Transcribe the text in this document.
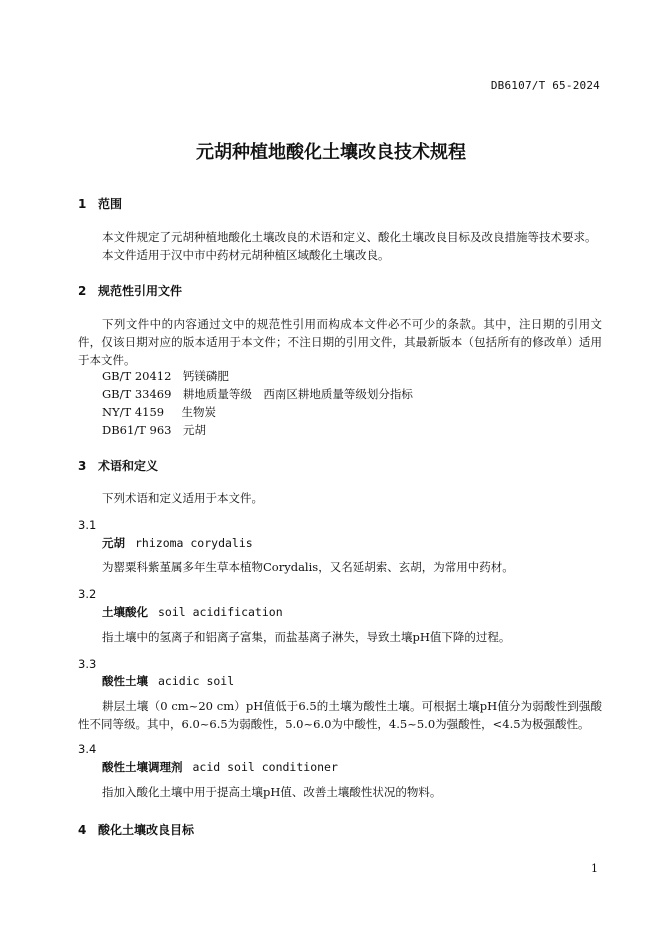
DB6107/T 65-2024
元胡种植地酸化土壤改良技术规程
1 范围
本文件规定了元胡种植地酸化土壤改良的术语和定义、酸化土壤改良目标及改良措施等技术要求。
本文件适用于汉中市中药材元胡种植区域酸化土壤改良。
2 规范性引用文件
下列文件中的内容通过文中的规范性引用而构成本文件必不可少的条款。其中，注日期的引用文件，仅该日期对应的版本适用于本文件；不注日期的引用文件，其最新版本（包括所有的修改单）适用于本文件。
GB/T 20412　 钙镁磷肥
GB/T 33469　 耕地质量等级　西南区耕地质量等级划分指标
NY/T 4159　 生物炭
DB61/T 963　 元胡
3 术语和定义
下列术语和定义适用于本文件。
3.1
元胡 rhizoma corydalis
为罂粟科紫堇属多年生草本植物Corydalis，又名延胡索、玄胡，为常用中药材。
3.2
土壤酸化 soil acidification
指土壤中的氢离子和铝离子富集，而盐基离子淋失，导致土壤pH值下降的过程。
3.3
酸性土壤 acidic soil
耕层土壤（0 cm~20 cm）pH值低于6.5的土壤为酸性土壤。可根据土壤pH值分为弱酸性到强酸性不同等级。其中，6.0~6.5为弱酸性，5.0~6.0为中酸性，4.5~5.0为强酸性，<4.5为极强酸性。
3.4
酸性土壤调理剂 acid soil conditioner
指加入酸化土壤中用于提高土壤pH值、改善土壤酸性状况的物料。
4 酸化土壤改良目标
1
